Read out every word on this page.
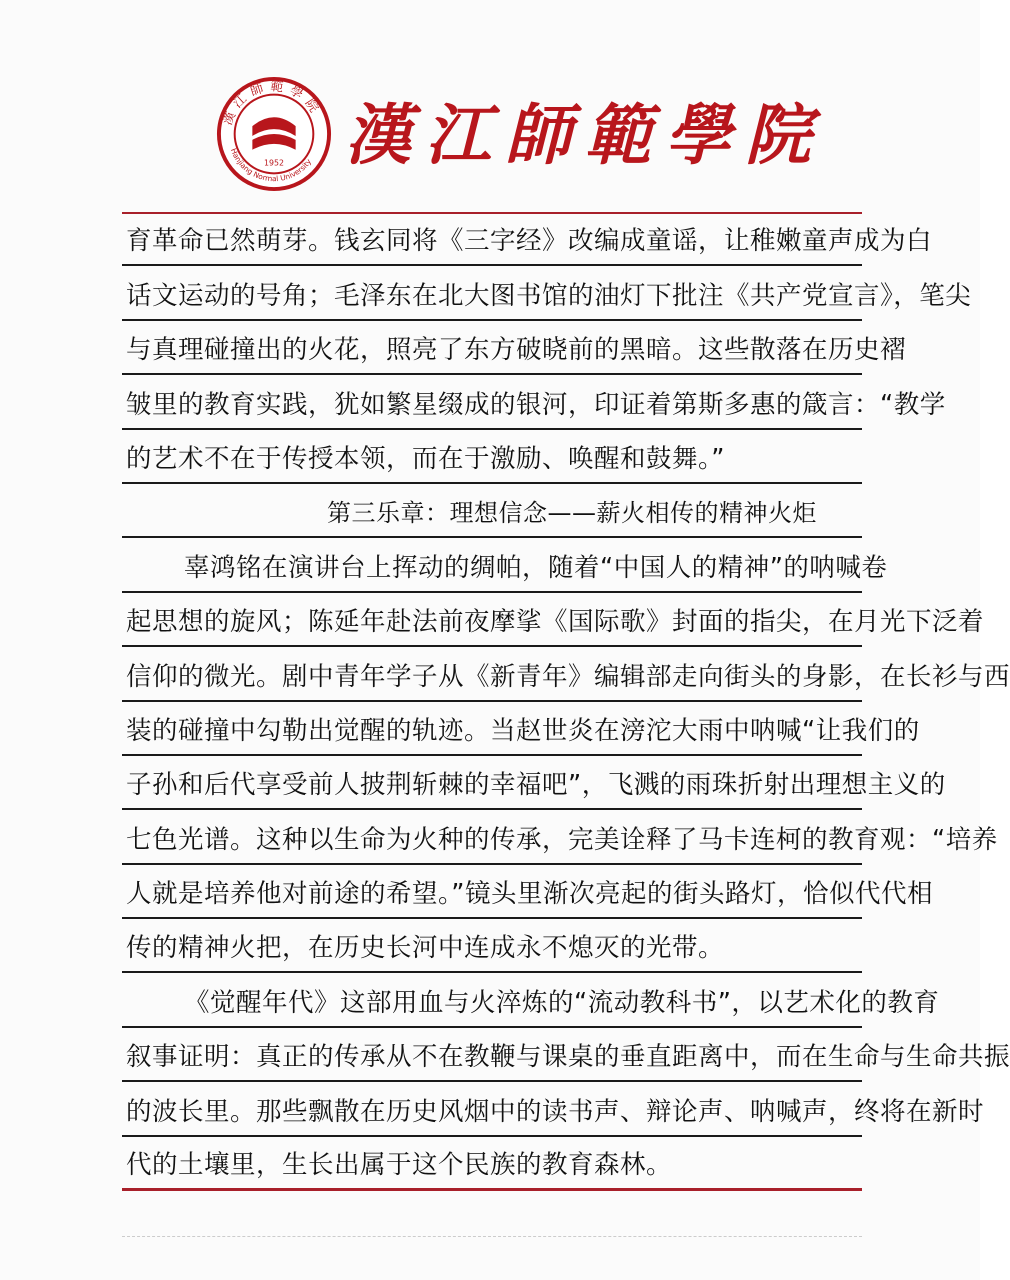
漢江師範學院
Hanjiang Normal University
1952 漢江師範學院
育革命已然萌芽。钱玄同将《三字经》改编成童谣，让稚嫩童声成为白
话文运动的号角；毛泽东在北大图书馆的油灯下批注《共产党宣言》，笔尖
与真理碰撞出的火花，照亮了东方破晓前的黑暗。这些散落在历史褶
皱里的教育实践，犹如繁星缀成的银河，印证着第斯多惠的箴言：“教学
的艺术不在于传授本领，而在于激励、唤醒和鼓舞。”
第三乐章：理想信念——薪火相传的精神火炬
辜鸿铭在演讲台上挥动的绸帕，随着“中国人的精神”的呐喊卷
起思想的旋风；陈延年赴法前夜摩挲《国际歌》封面的指尖，在月光下泛着
信仰的微光。剧中青年学子从《新青年》编辑部走向街头的身影，在长衫与西
装的碰撞中勾勒出觉醒的轨迹。当赵世炎在滂沱大雨中呐喊“让我们的
子孙和后代享受前人披荆斩棘的幸福吧”，飞溅的雨珠折射出理想主义的
七色光谱。这种以生命为火种的传承，完美诠释了马卡连柯的教育观：“培养
人就是培养他对前途的希望。”镜头里渐次亮起的街头路灯，恰似代代相
传的精神火把，在历史长河中连成永不熄灭的光带。
《觉醒年代》这部用血与火淬炼的“流动教科书”，以艺术化的教育
叙事证明：真正的传承从不在教鞭与课桌的垂直距离中，而在生命与生命共振
的波长里。那些飘散在历史风烟中的读书声、辩论声、呐喊声，终将在新时
代的土壤里，生长出属于这个民族的教育森林。
